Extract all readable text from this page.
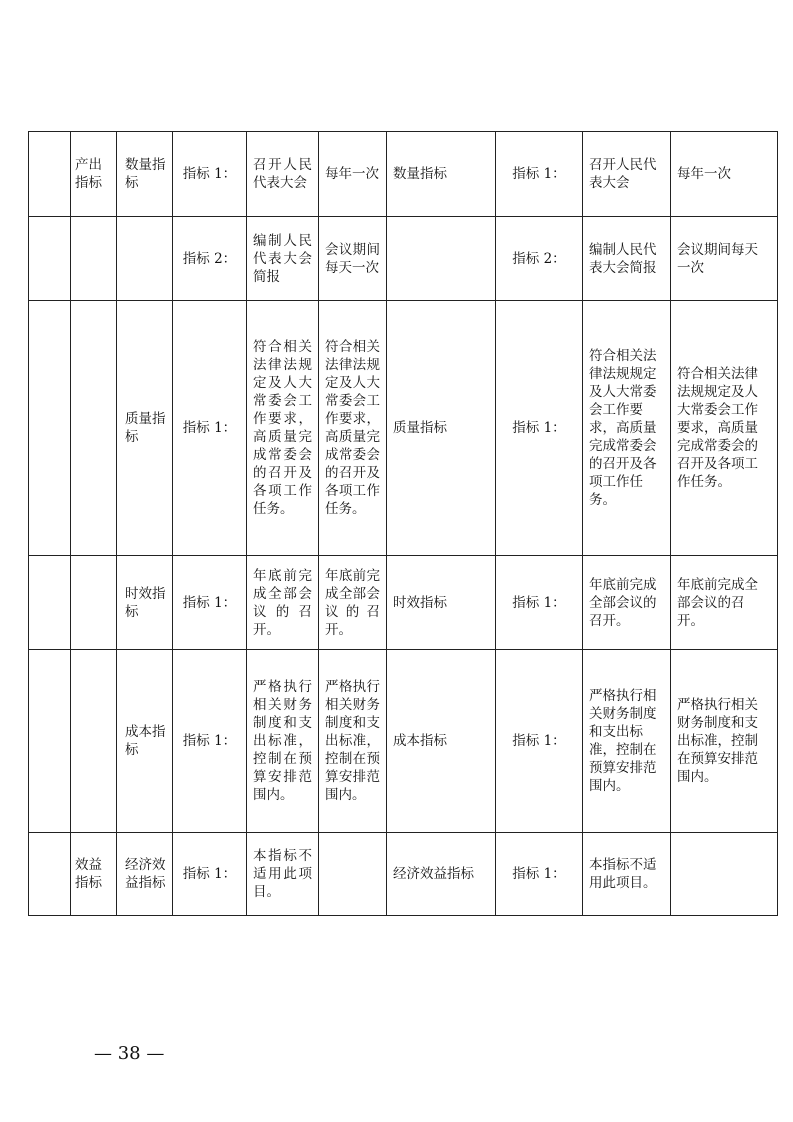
	产出指标	数量指标	指标 1：	召开人民代表大会	每年一次	数量指标	指标 1：	召开人民代表大会	每年一次
			指标 2：	编制人民代表大会简报	会议期间每天一次		指标 2：	编制人民代表大会简报	会议期间每天一次
		质量指标	指标 1：	符合相关法律法规定及人大常委会工作要求，高质量完成常委会的召开及各项工作任务。	符合相关法律法规定及人大常委会工作要求，高质量完成常委会的召开及各项工作任务。	质量指标	指标 1：	符合相关法律法规规定及人大常委会工作要求，高质量完成常委会的召开及各项工作任务。	符合相关法律法规规定及人大常委会工作要求，高质量完成常委会的召开及各项工作任务。
		时效指标	指标 1：	年底前完成全部会议的召开。	年底前完成全部会议的召开。	时效指标	指标 1：	年底前完成全部会议的召开。	年底前完成全部会议的召开。
		成本指标	指标 1：	严格执行相关财务制度和支出标准，控制在预算安排范围内。	严格执行相关财务制度和支出标准，控制在预算安排范围内。	成本指标	指标 1：	严格执行相关财务制度和支出标准，控制在预算安排范围内。	严格执行相关财务制度和支出标准，控制在预算安排范围内。
	效益指标	经济效益指标	指标 1：	本指标不适用此项目。		经济效益指标	指标 1：	本指标不适用此项目。	
— 38 —
